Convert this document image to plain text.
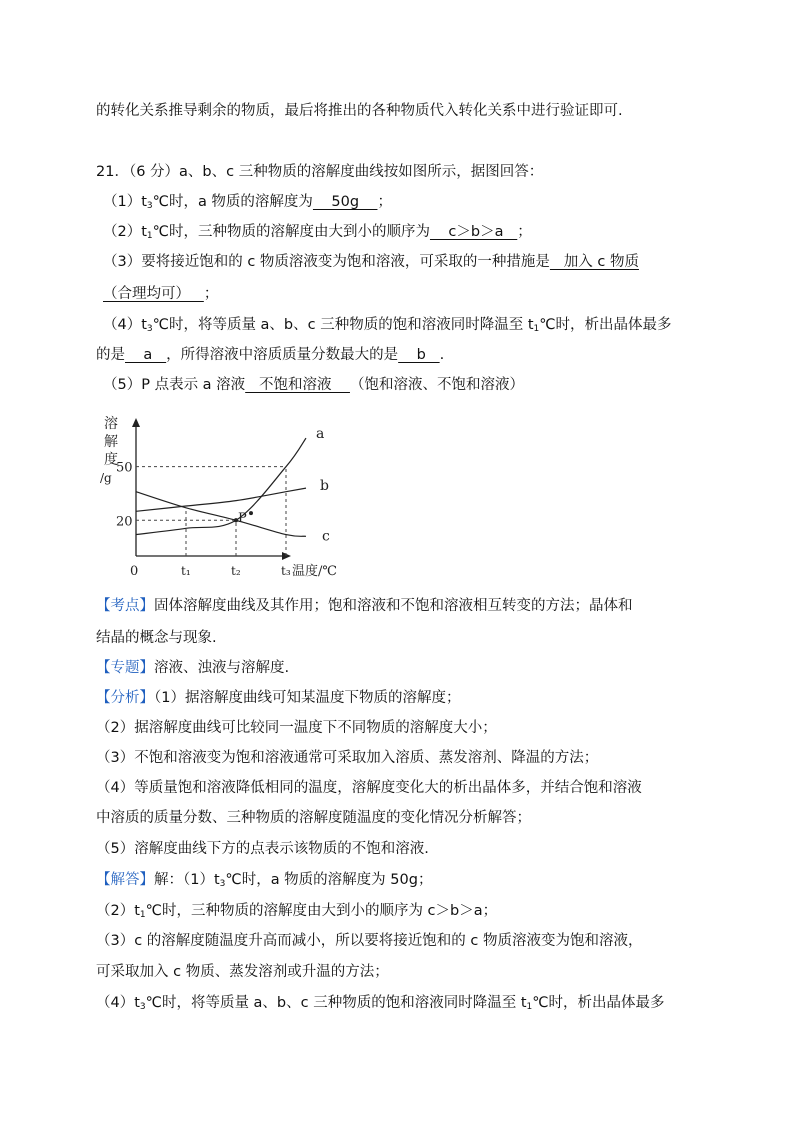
的转化关系推导剩余的物质，最后将推出的各种物质代入转化关系中进行验证即可.
21．（6 分）a、b、c 三种物质的溶解度曲线按如图所示，据图回答：
$(1)t_3℃$时，a 物质的溶解度为    50g    ；
$(2)t_1℃$时，三种物质的溶解度由大到小的顺序为    c＞b＞a   ；
（3）要将接近饱和的 c 物质溶液变为饱和溶液，可采取的一种措施是   加入 c 物质
（合理均可）   ；
$(4)t_3℃$时，将等质量 a、b、c 三种物质的饱和溶液同时降温至 $t_1℃$时，析出晶体最多
的是    a   ，所得溶液中溶质质量分数最大的是    b   .
（5）P 点表示 a 溶液   不饱和溶液    （饱和溶液、不饱和溶液）
溶
解
度
/g
50
20
0	t₁	t₂	t₃ 温度/℃
a
b
c
P
【考点】固体溶解度曲线及其作用；饱和溶液和不饱和溶液相互转变的方法；晶体和
结晶的概念与现象.
【专题】溶液、浊液与溶解度.
【分析】（1）据溶解度曲线可知某温度下物质的溶解度；
（2）据溶解度曲线可比较同一温度下不同物质的溶解度大小；
（3）不饱和溶液变为饱和溶液通常可采取加入溶质、蒸发溶剂、降温的方法；
（4）等质量饱和溶液降低相同的温度，溶解度变化大的析出晶体多，并结合饱和溶液
中溶质的质量分数、三种物质的溶解度随温度的变化情况分析解答；
（5）溶解度曲线下方的点表示该物质的不饱和溶液.
【解答】解：$(1)t_3℃$时，a 物质的溶解度为 50g；
$(2)t_1℃$时，三种物质的溶解度由大到小的顺序为 c＞b＞a；
（3）c 的溶解度随温度升高而减小，所以要将接近饱和的 c 物质溶液变为饱和溶液，
可采取加入 c 物质、蒸发溶剂或升温的方法；
$(4)t_3℃$时，将等质量 a、b、c 三种物质的饱和溶液同时降温至 $t_1℃$时，析出晶体最多
